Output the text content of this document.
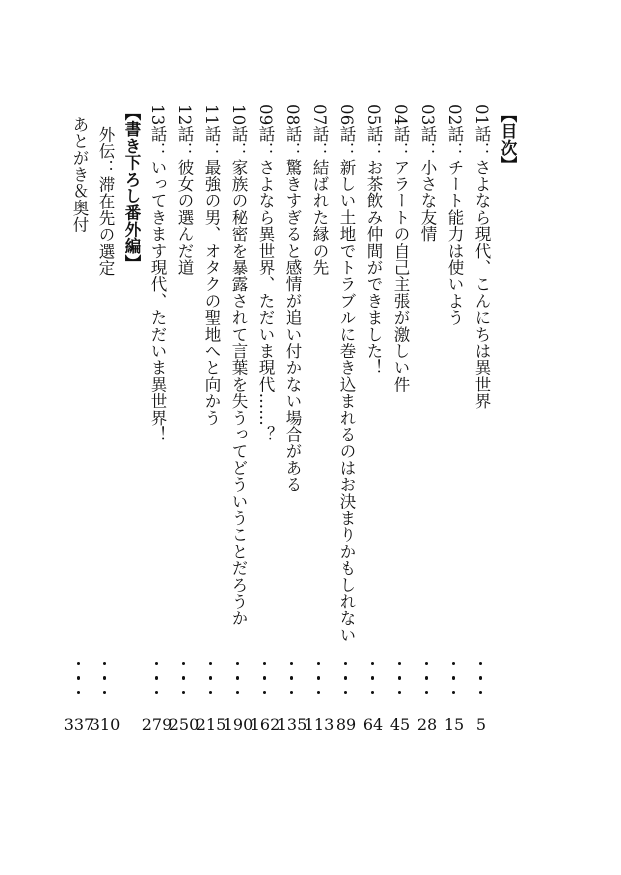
【目次】
01話：さよなら現代、こんにちは異世界
5
02話：チート能力は使いよう
15
03話：小さな友情
28
04話：アラートの自己主張が激しい件
45
05話：お茶飲み仲間ができました！
64
06話：新しい土地でトラブルに巻き込まれるのはお決まりかもしれない
89
07話：結ばれた縁の先
113
08話：驚きすぎると感情が追い付かない場合がある
135
09話：さよなら異世界、ただいま現代……？
162
10話：家族の秘密を暴露されて言葉を失うってどういうことだろうか
190
11話：最強の男、オタクの聖地へと向かう
215
12話：彼女の選んだ道
250
13話：いってきます現代、ただいま異世界！
279
【書き下ろし番外編】
外伝：滞在先の選定
310
あとがき＆奥付
337
